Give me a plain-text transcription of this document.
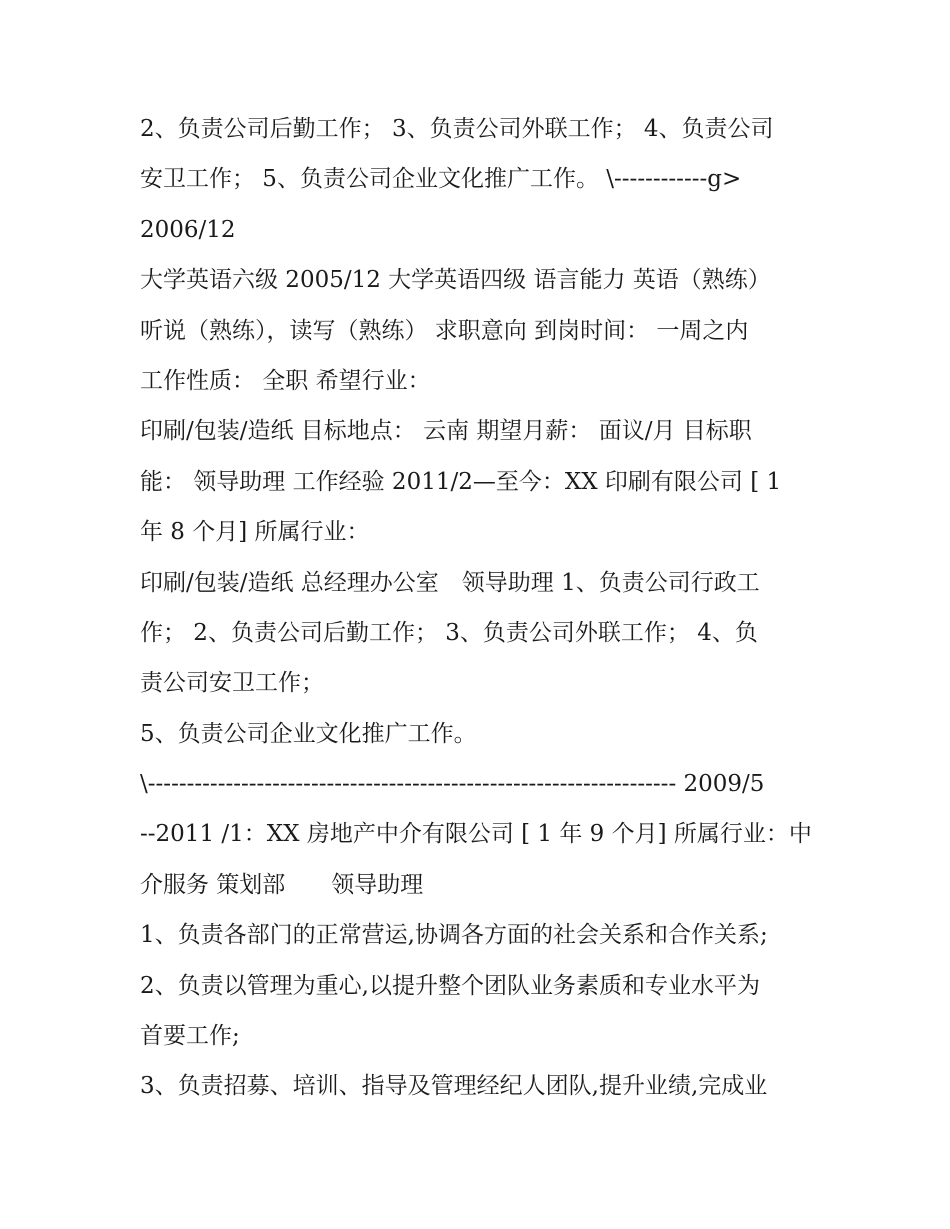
2、负责公司后勤工作； 3、负责公司外联工作； 4、负责公司
安卫工作； 5、负责公司企业文化推广工作。 \------------g>
2006/12
大学英语六级 2005/12 大学英语四级 语言能力 英语（熟练）
听说（熟练），读写（熟练） 求职意向 到岗时间： 一周之内
工作性质： 全职 希望行业：
印刷/包装/造纸 目标地点： 云南 期望月薪： 面议/月 目标职
能： 领导助理 工作经验 2011/2—至今：XX 印刷有限公司 [ 1
年 8 个月] 所属行业：
印刷/包装/造纸 总经理办公室　领导助理 1、负责公司行政工
作； 2、负责公司后勤工作； 3、负责公司外联工作； 4、负
责公司安卫工作；
5、负责公司企业文化推广工作。
\-------------------------------------------------------------------- 2009/5
--2011 /1：XX 房地产中介有限公司 [ 1 年 9 个月] 所属行业：中
介服务 策划部　　领导助理
1、负责各部门的正常营运,协调各方面的社会关系和合作关系;
2、负责以管理为重心,以提升整个团队业务素质和专业水平为
首要工作;
3、负责招募、培训、指导及管理经纪人团队,提升业绩,完成业
